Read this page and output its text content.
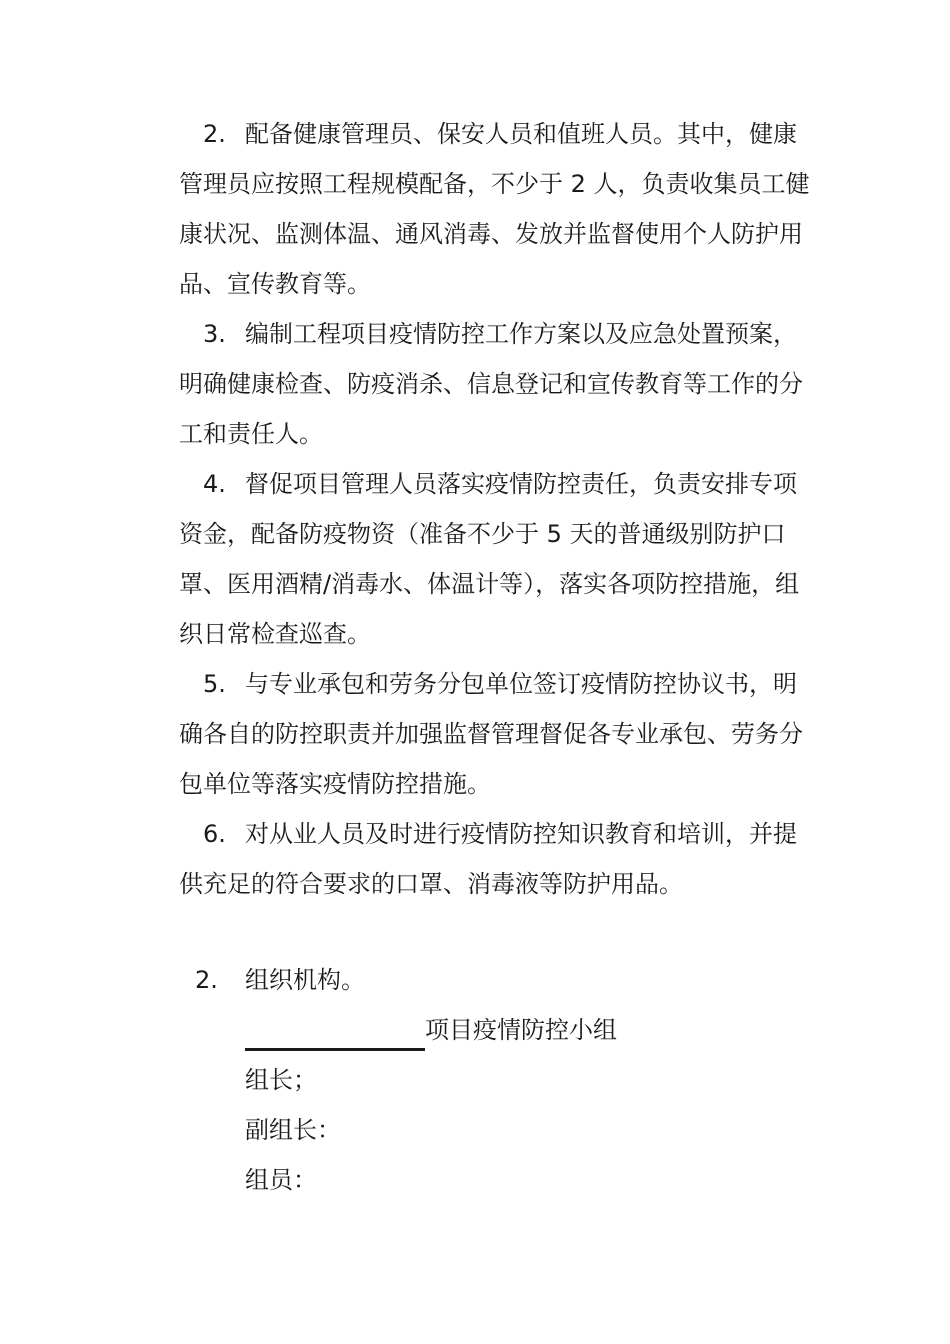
2. 配备健康管理员、保安人员和值班人员。其中，健康管理员应按照工程规模配备，不少于 2 人，负责收集员工健康状况、监测体温、通风消毒、发放并监督使用个人防护用品、宣传教育等。

3. 编制工程项目疫情防控工作方案以及应急处置预案，明确健康检查、防疫消杀、信息登记和宣传教育等工作的分工和责任人。

4. 督促项目管理人员落实疫情防控责任，负责安排专项资金，配备防疫物资（准备不少于 5 天的普通级别防护口罩、医用酒精/消毒水、体温计等），落实各项防控措施，组织日常检查巡查。

5. 与专业承包和劳务分包单位签订疫情防控协议书，明确各自的防控职责并加强监督管理督促各专业承包、劳务分包单位等落实疫情防控措施。

6. 对从业人员及时进行疫情防控知识教育和培训，并提供充足的符合要求的口罩、消毒液等防护用品。

2. 组织机构。
项目疫情防控小组
组长；
副组长：
组员：
